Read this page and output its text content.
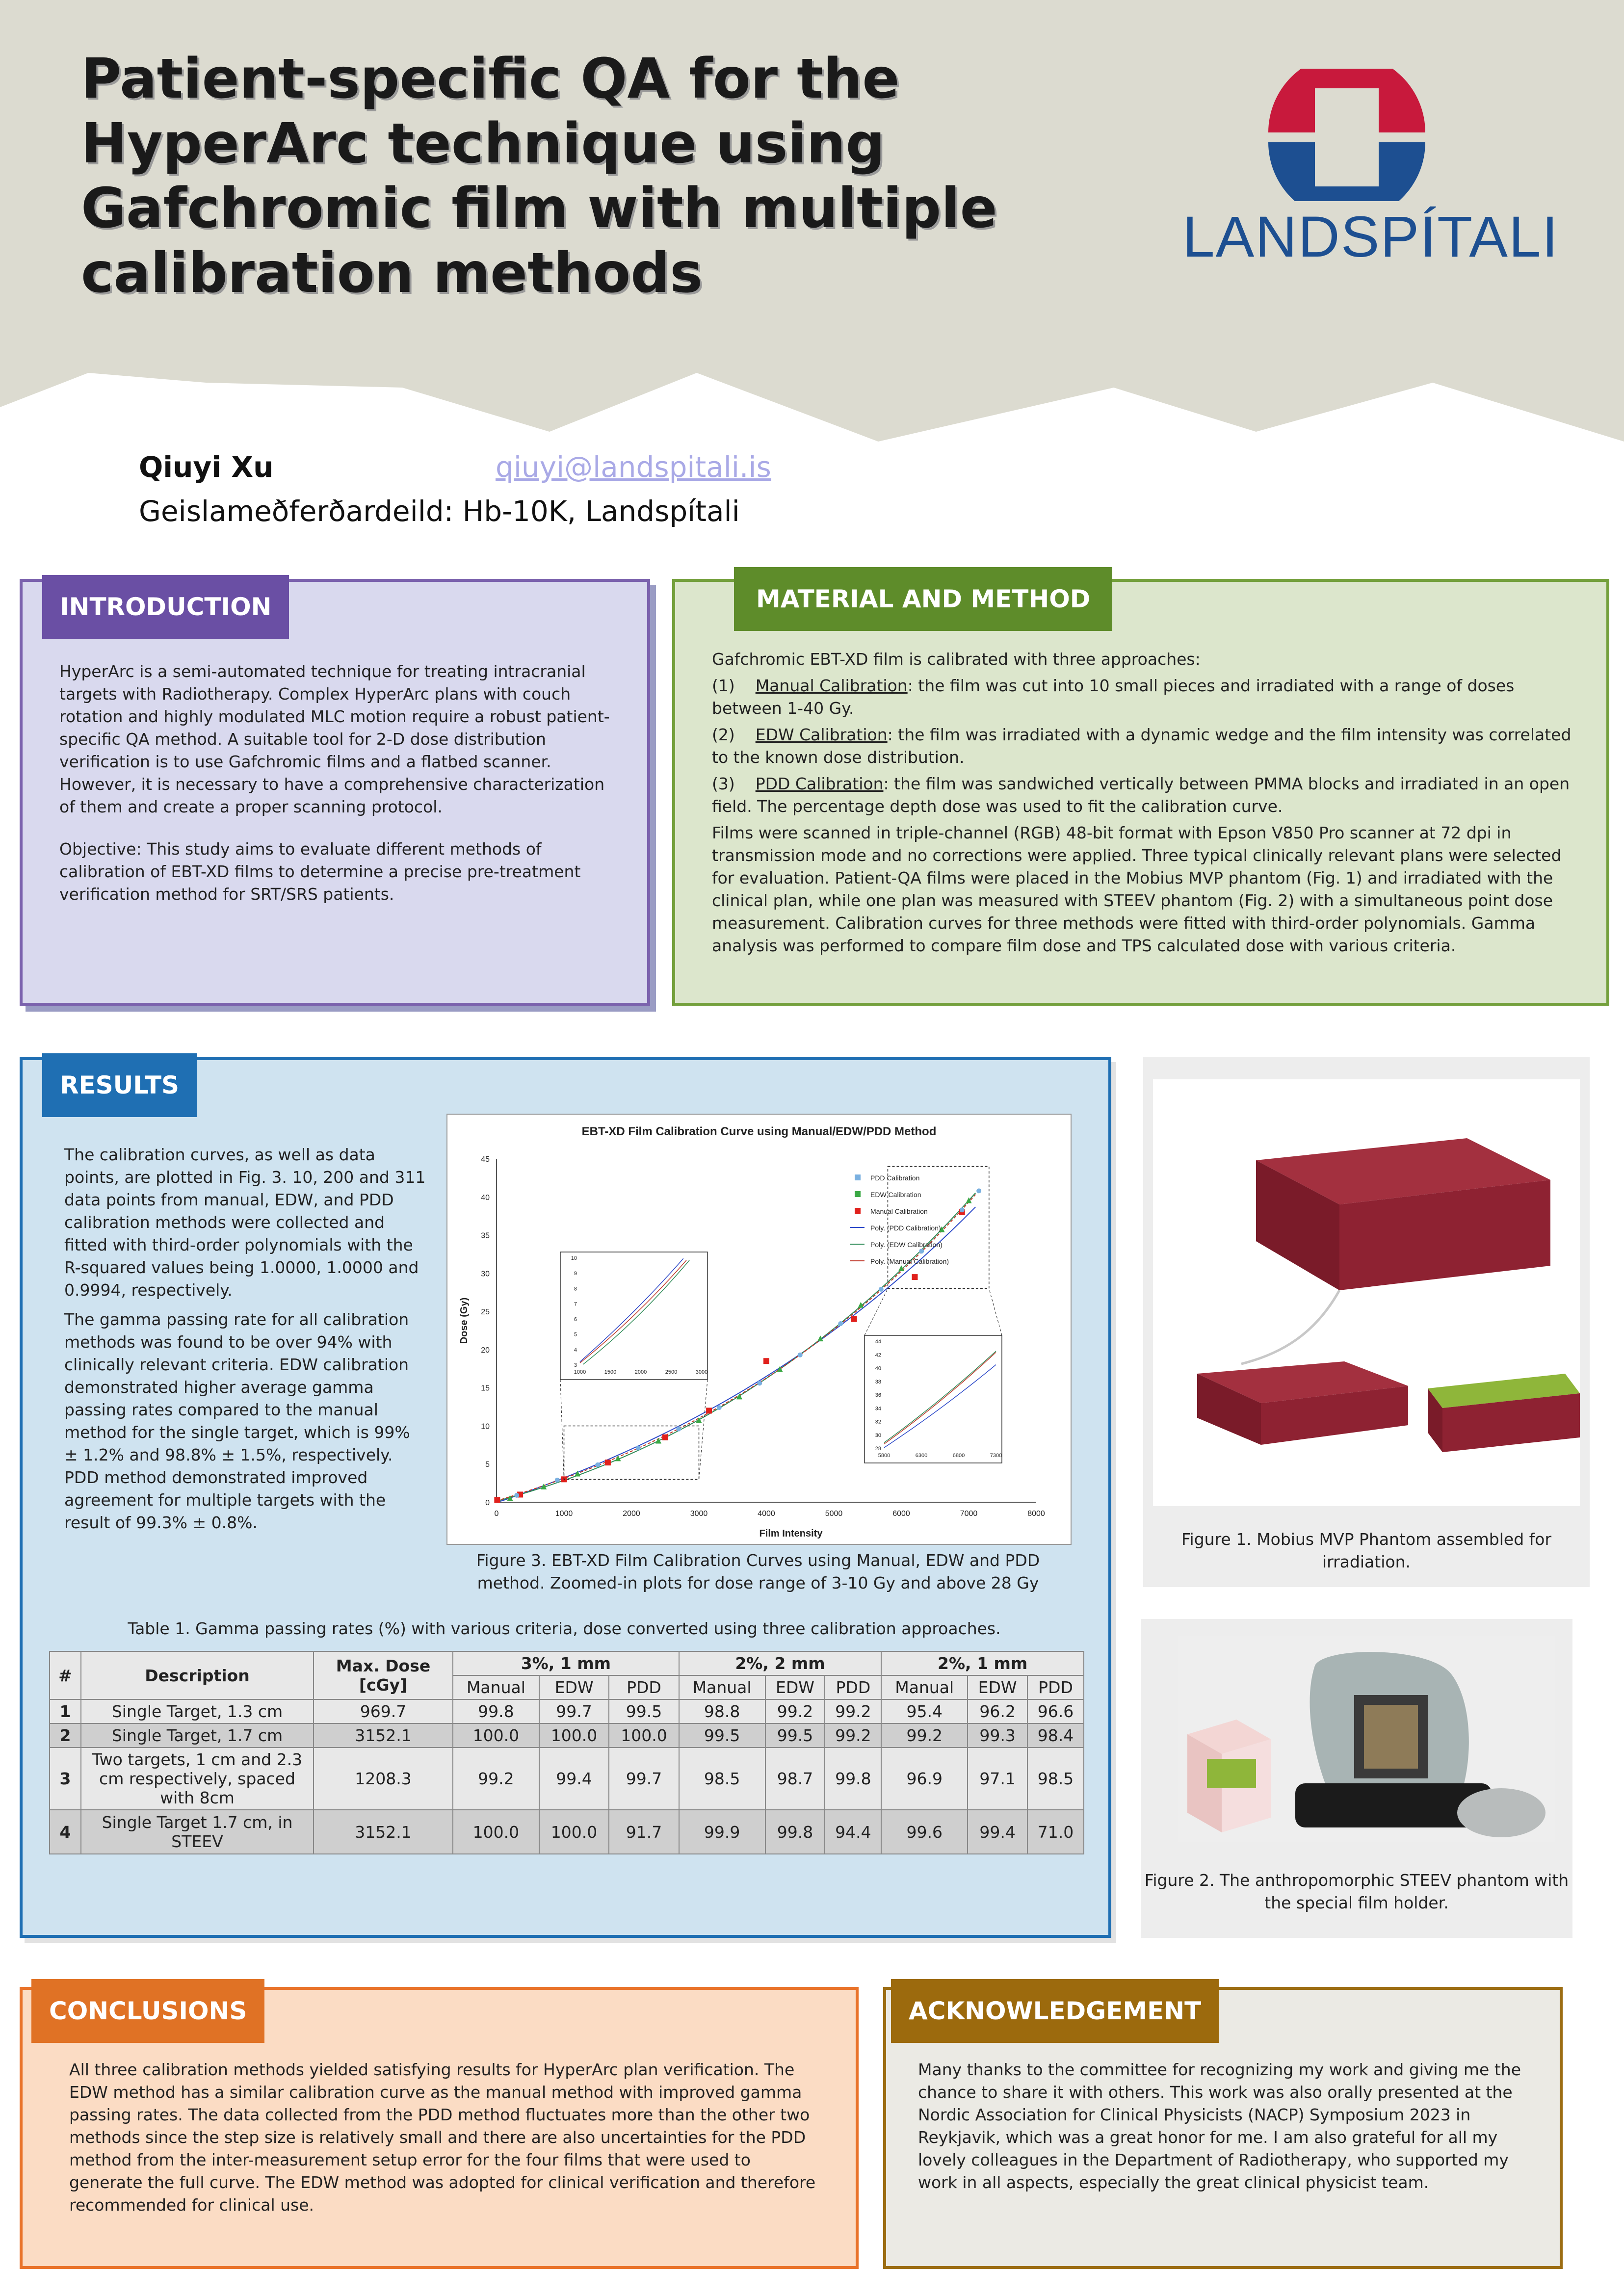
Patient-specific QA for the
HyperArc technique using
Gafchromic film with multiple
calibration methods
LANDSPÍTALI
Qiuyi Xu	qiuyi@landspitali.is
Geislameðferðardeild: Hb-10K, Landspítali
INTRODUCTION

HyperArc is a semi-automated technique for treating intracranial targets with Radiotherapy. Complex HyperArc plans with couch rotation and highly modulated MLC motion require a robust patient-specific QA method. A suitable tool for 2-D dose distribution verification is to use Gafchromic films and a flatbed scanner. However, it is necessary to have a comprehensive characterization of them and create a proper scanning protocol.

Objective: This study aims to evaluate different methods of calibration of EBT-XD films to determine a precise pre-treatment verification method for SRT/SRS patients.

MATERIAL AND METHOD

Gafchromic EBT-XD film is calibrated with three approaches:

(1) Manual Calibration: the film was cut into 10 small pieces and irradiated with a range of doses between 1-40 Gy.

(2) EDW Calibration: the film was irradiated with a dynamic wedge and the film intensity was correlated to the known dose distribution.

(3) PDD Calibration: the film was sandwiched vertically between PMMA blocks and irradiated in an open field. The percentage depth dose was used to fit the calibration curve.

Films were scanned in triple-channel (RGB) 48-bit format with Epson V850 Pro scanner at 72 dpi in transmission mode and no corrections were applied. Three typical clinically relevant plans were selected for evaluation. Patient-QA films were placed in the Mobius MVP phantom (Fig. 1) and irradiated with the clinical plan, while one plan was measured with STEEV phantom (Fig. 2) with a simultaneous point dose measurement. Calibration curves for three methods were fitted with third-order polynomials. Gamma analysis was performed to compare film dose and TPS calculated dose with various criteria.

RESULTS

The calibration curves, as well as data points, are plotted in Fig. 3. 10, 200 and 311 data points from manual, EDW, and PDD calibration methods were collected and fitted with third-order polynomials with the R-squared values being 1.0000, 1.0000 and 0.9994, respectively.

The gamma passing rate for all calibration methods was found to be over 94% with clinically relevant criteria. EDW calibration demonstrated higher average gamma passing rates compared to the manual method for the single target, which is 99% ± 1.2% and 98.8% ± 1.5%, respectively. PDD method demonstrated improved agreement for multiple targets with the result of 99.3% ± 0.8%.

EBT-XD Film Calibration Curve using Manual/EDW/PDD Method
0	1000	2000	3000	4000	5000	6000	7000	8000
0
5
10
15
20
25
30
35
40
45
PDD Calibration
EDW Calibration
Manual Calibration
Poly. (PDD Calibration)
Poly. (EDW Calibration)
Poly. (Manual Calibration)
1000	1500	2000	2500	3000
3
4
5
6
7
8
9
10
5800	6300	6800	7300
28
30
32
34
36
38
40
42
44
Film Intensity
Dose (Gy)
Figure 3. EBT-XD Film Calibration Curves using Manual, EDW and PDD method. Zoomed-in plots for dose range of 3-10 Gy and above 28 Gy
Table 1. Gamma passing rates (%) with various criteria, dose converted using three calibration approaches.
#	Description	Max. Dose [cGy]	3%, 1 mm			2%, 2 mm			2%, 1 mm		
			Manual	EDW	PDD	Manual	EDW	PDD	Manual	EDW	PDD
1	Single Target, 1.3 cm	969.7	99.8	99.7	99.5	98.8	99.2	99.2	95.4	96.2	96.6
2	Single Target, 1.7 cm	3152.1	100.0	100.0	100.0	99.5	99.5	99.2	99.2	99.3	98.4
3	Two targets, 1 cm and 2.3 cm respectively, spaced with 8cm	1208.3	99.2	99.4	99.7	98.5	98.7	99.8	96.9	97.1	98.5
4	Single Target 1.7 cm, in STEEV	3152.1	100.0	100.0	91.7	99.9	99.8	94.4	99.6	99.4	71.0
Figure 1. Mobius MVP Phantom assembled for irradiation.
Figure 2. The anthropomorphic STEEV phantom with the special film holder.
CONCLUSIONS
All three calibration methods yielded satisfying results for HyperArc plan verification. The EDW method has a similar calibration curve as the manual method with improved gamma passing rates. The data collected from the PDD method fluctuates more than the other two methods since the step size is relatively small and there are also uncertainties for the PDD method from the inter-measurement setup error for the four films that were used to generate the full curve. The EDW method was adopted for clinical verification and therefore recommended for clinical use.
ACKNOWLEDGEMENT
Many thanks to the committee for recognizing my work and giving me the chance to share it with others. This work was also orally presented at the Nordic Association for Clinical Physicists (NACP) Symposium 2023 in Reykjavik, which was a great honor for me. I am also grateful for all my lovely colleagues in the Department of Radiotherapy, who supported my work in all aspects, especially the great clinical physicist team.
